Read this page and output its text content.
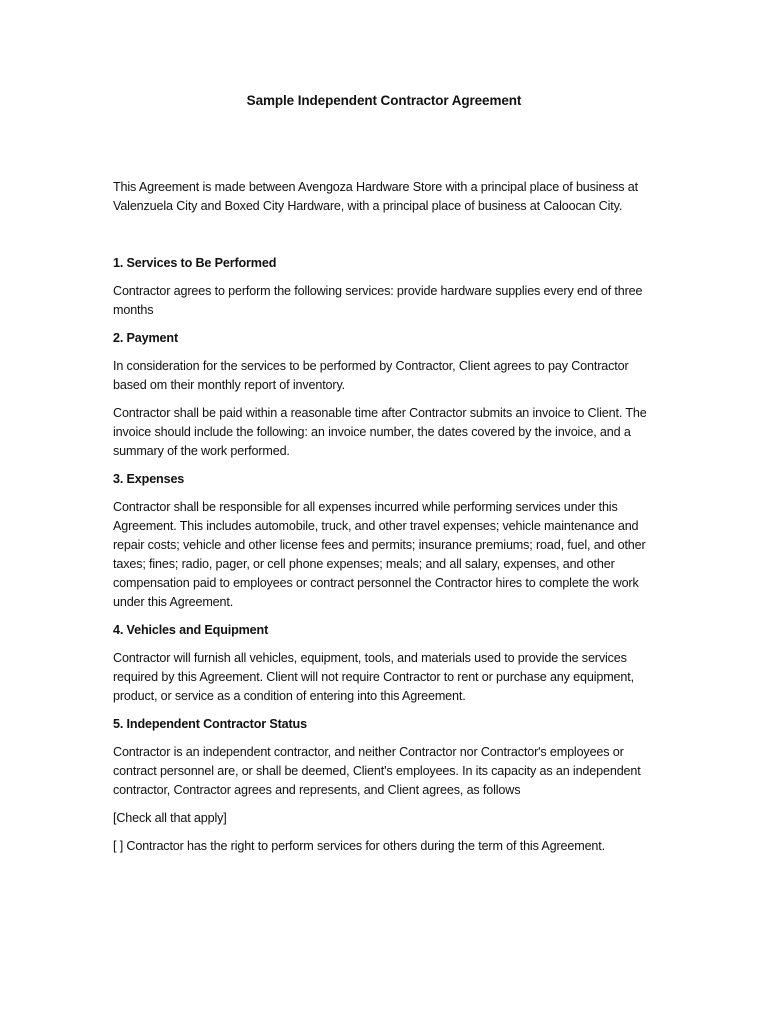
Sample Independent Contractor Agreement

This Agreement is made between Avengoza Hardware Store with a principal place of business at Valenzuela City and Boxed City Hardware, with a principal place of business at Caloocan City.

1. Services to Be Performed

Contractor agrees to perform the following services: provide hardware supplies every end of three months

2. Payment

In consideration for the services to be performed by Contractor, Client agrees to pay Contractor based om their monthly report of inventory.

Contractor shall be paid within a reasonable time after Contractor submits an invoice to Client. The invoice should include the following: an invoice number, the dates covered by the invoice, and a summary of the work performed.

3. Expenses

Contractor shall be responsible for all expenses incurred while performing services under this Agreement. This includes automobile, truck, and other travel expenses; vehicle maintenance and repair costs; vehicle and other license fees and permits; insurance premiums; road, fuel, and other taxes; fines; radio, pager, or cell phone expenses; meals; and all salary, expenses, and other compensation paid to employees or contract personnel the Contractor hires to complete the work under this Agreement.

4. Vehicles and Equipment

Contractor will furnish all vehicles, equipment, tools, and materials used to provide the services required by this Agreement. Client will not require Contractor to rent or purchase any equipment, product, or service as a condition of entering into this Agreement.

5. Independent Contractor Status

Contractor is an independent contractor, and neither Contractor nor Contractor's employees or contract personnel are, or shall be deemed, Client's employees. In its capacity as an independent contractor, Contractor agrees and represents, and Client agrees, as follows

[Check all that apply]

[ ] Contractor has the right to perform services for others during the term of this Agreement.
